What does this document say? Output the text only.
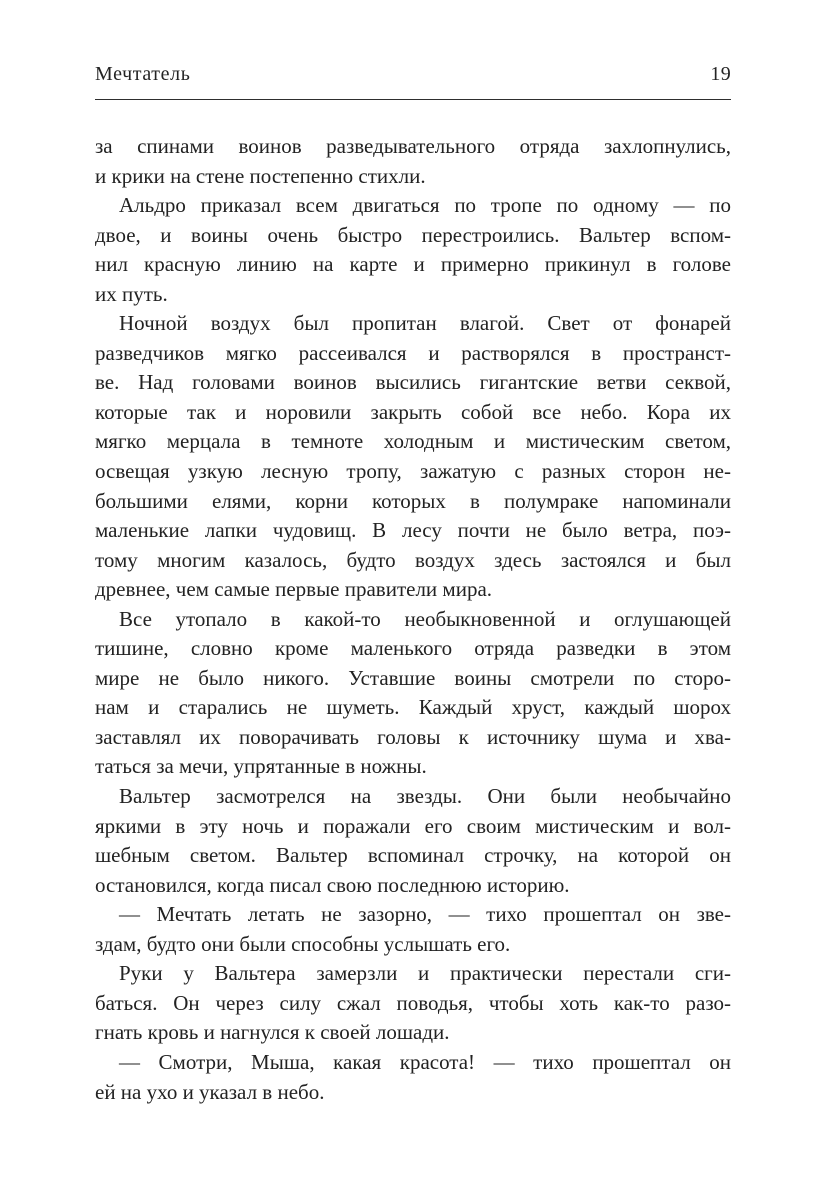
Мечтатель	19
за спинами воинов разведывательного отряда захлопнулись,
и крики на стене постепенно стихли.
Альдро приказал всем двигаться по тропе по одному — по
двое, и воины очень быстро перестроились. Вальтер вспом-
нил красную линию на карте и примерно прикинул в голове
их путь.
Ночной воздух был пропитан влагой. Свет от фонарей
разведчиков мягко рассеивался и растворялся в пространст-
ве. Над головами воинов высились гигантские ветви секвой,
которые так и норовили закрыть собой все небо. Кора их
мягко мерцала в темноте холодным и мистическим светом,
освещая узкую лесную тропу, зажатую с разных сторон не-
большими елями, корни которых в полумраке напоминали
маленькие лапки чудовищ. В лесу почти не было ветра, поэ-
тому многим казалось, будто воздух здесь застоялся и был
древнее, чем самые первые правители мира.
Все утопало в какой-то необыкновенной и оглушающей
тишине, словно кроме маленького отряда разведки в этом
мире не было никого. Уставшие воины смотрели по сторо-
нам и старались не шуметь. Каждый хруст, каждый шорох
заставлял их поворачивать головы к источнику шума и хва-
таться за мечи, упрятанные в ножны.
Вальтер засмотрелся на звезды. Они были необычайно
яркими в эту ночь и поражали его своим мистическим и вол-
шебным светом. Вальтер вспоминал строчку, на которой он
остановился, когда писал свою последнюю историю.
— Мечтать летать не зазорно, — тихо прошептал он зве-
здам, будто они были способны услышать его.
Руки у Вальтера замерзли и практически перестали сги-
баться. Он через силу сжал поводья, чтобы хоть как-то разо-
гнать кровь и нагнулся к своей лошади.
— Смотри, Мыша, какая красота! — тихо прошептал он
ей на ухо и указал в небо.
